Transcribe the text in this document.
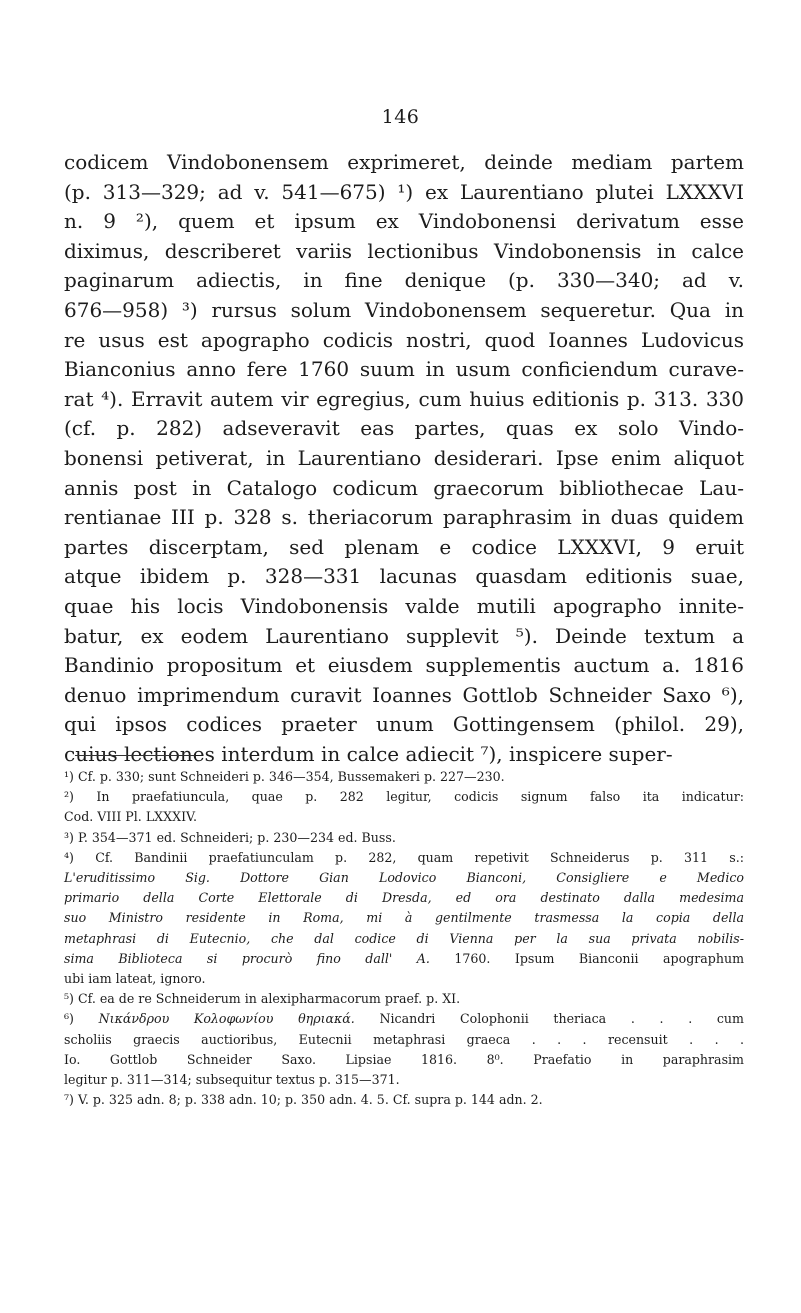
146
codicem Vindobonensem exprimeret, deinde mediam partem
(p. 313—329; ad v. 541—675) ¹) ex Laurentiano plutei LXXXVI
n. 9 ²), quem et ipsum ex Vindobonensi derivatum esse
diximus, describeret variis lectionibus Vindobonensis in calce
paginarum adiectis, in fine denique (p. 330—340; ad v.
676—958) ³) rursus solum Vindobonensem sequeretur. Qua in
re usus est apographo codicis nostri, quod Ioannes Ludovicus
Bianconius anno fere 1760 suum in usum conficiendum curave-
rat ⁴). Erravit autem vir egregius, cum huius editionis p. 313. 330
(cf. p. 282) adseveravit eas partes, quas ex solo Vindo-
bonensi petiverat, in Laurentiano desiderari. Ipse enim aliquot
annis post in Catalogo codicum graecorum bibliothecae Lau-
rentianae III p. 328 s. theriacorum paraphrasim in duas quidem
partes discerptam, sed plenam e codice LXXXVI, 9 eruit
atque ibidem p. 328—331 lacunas quasdam editionis suae,
quae his locis Vindobonensis valde mutili apographo innite-
batur, ex eodem Laurentiano supplevit ⁵). Deinde textum a
Bandinio propositum et eiusdem supplementis auctum a. 1816
denuo imprimendum curavit Ioannes Gottlob Schneider Saxo ⁶),
qui ipsos codices praeter unum Gottingensem (philol. 29),
cuius lectiones interdum in calce adiecit ⁷), inspicere super-
¹) Cf. p. 330; sunt Schneideri p. 346—354, Bussemakeri p. 227—230.
²) In praefatiuncula, quae p. 282 legitur, codicis signum falso ita indicatur:
Cod. VIII Pl. LXXXIV.
³) P. 354—371 ed. Schneideri; p. 230—234 ed. Buss.
⁴) Cf. Bandinii praefatiunculam p. 282, quam repetivit Schneiderus p. 311 s.:
L'eruditissimo Sig. Dottore Gian Lodovico Bianconi, Consigliere e Medico
primario della Corte Elettorale di Dresda, ed ora destinato dalla medesima
suo Ministro residente in Roma, mi à gentilmente trasmessa la copia della
metaphrasi di Eutecnio, che dal codice di Vienna per la sua privata nobilis-
sima Biblioteca si procurò fino dall' A. 1760. Ipsum Bianconii apographum
ubi iam lateat, ignoro.
⁵) Cf. ea de re Schneiderum in alexipharmacorum praef. p. XI.
⁶) Νικάνδρου Κολοφωνίου θηριακά. Nicandri Colophonii theriaca . . . cum
scholiis graecis auctioribus, Eutecnii metaphrasi graeca . . . recensuit . . .
Io. Gottlob Schneider Saxo. Lipsiae 1816. 8⁰. Praefatio in paraphrasim
legitur p. 311—314; subsequitur textus p. 315—371.
⁷) V. p. 325 adn. 8; p. 338 adn. 10; p. 350 adn. 4. 5. Cf. supra p. 144 adn. 2.
